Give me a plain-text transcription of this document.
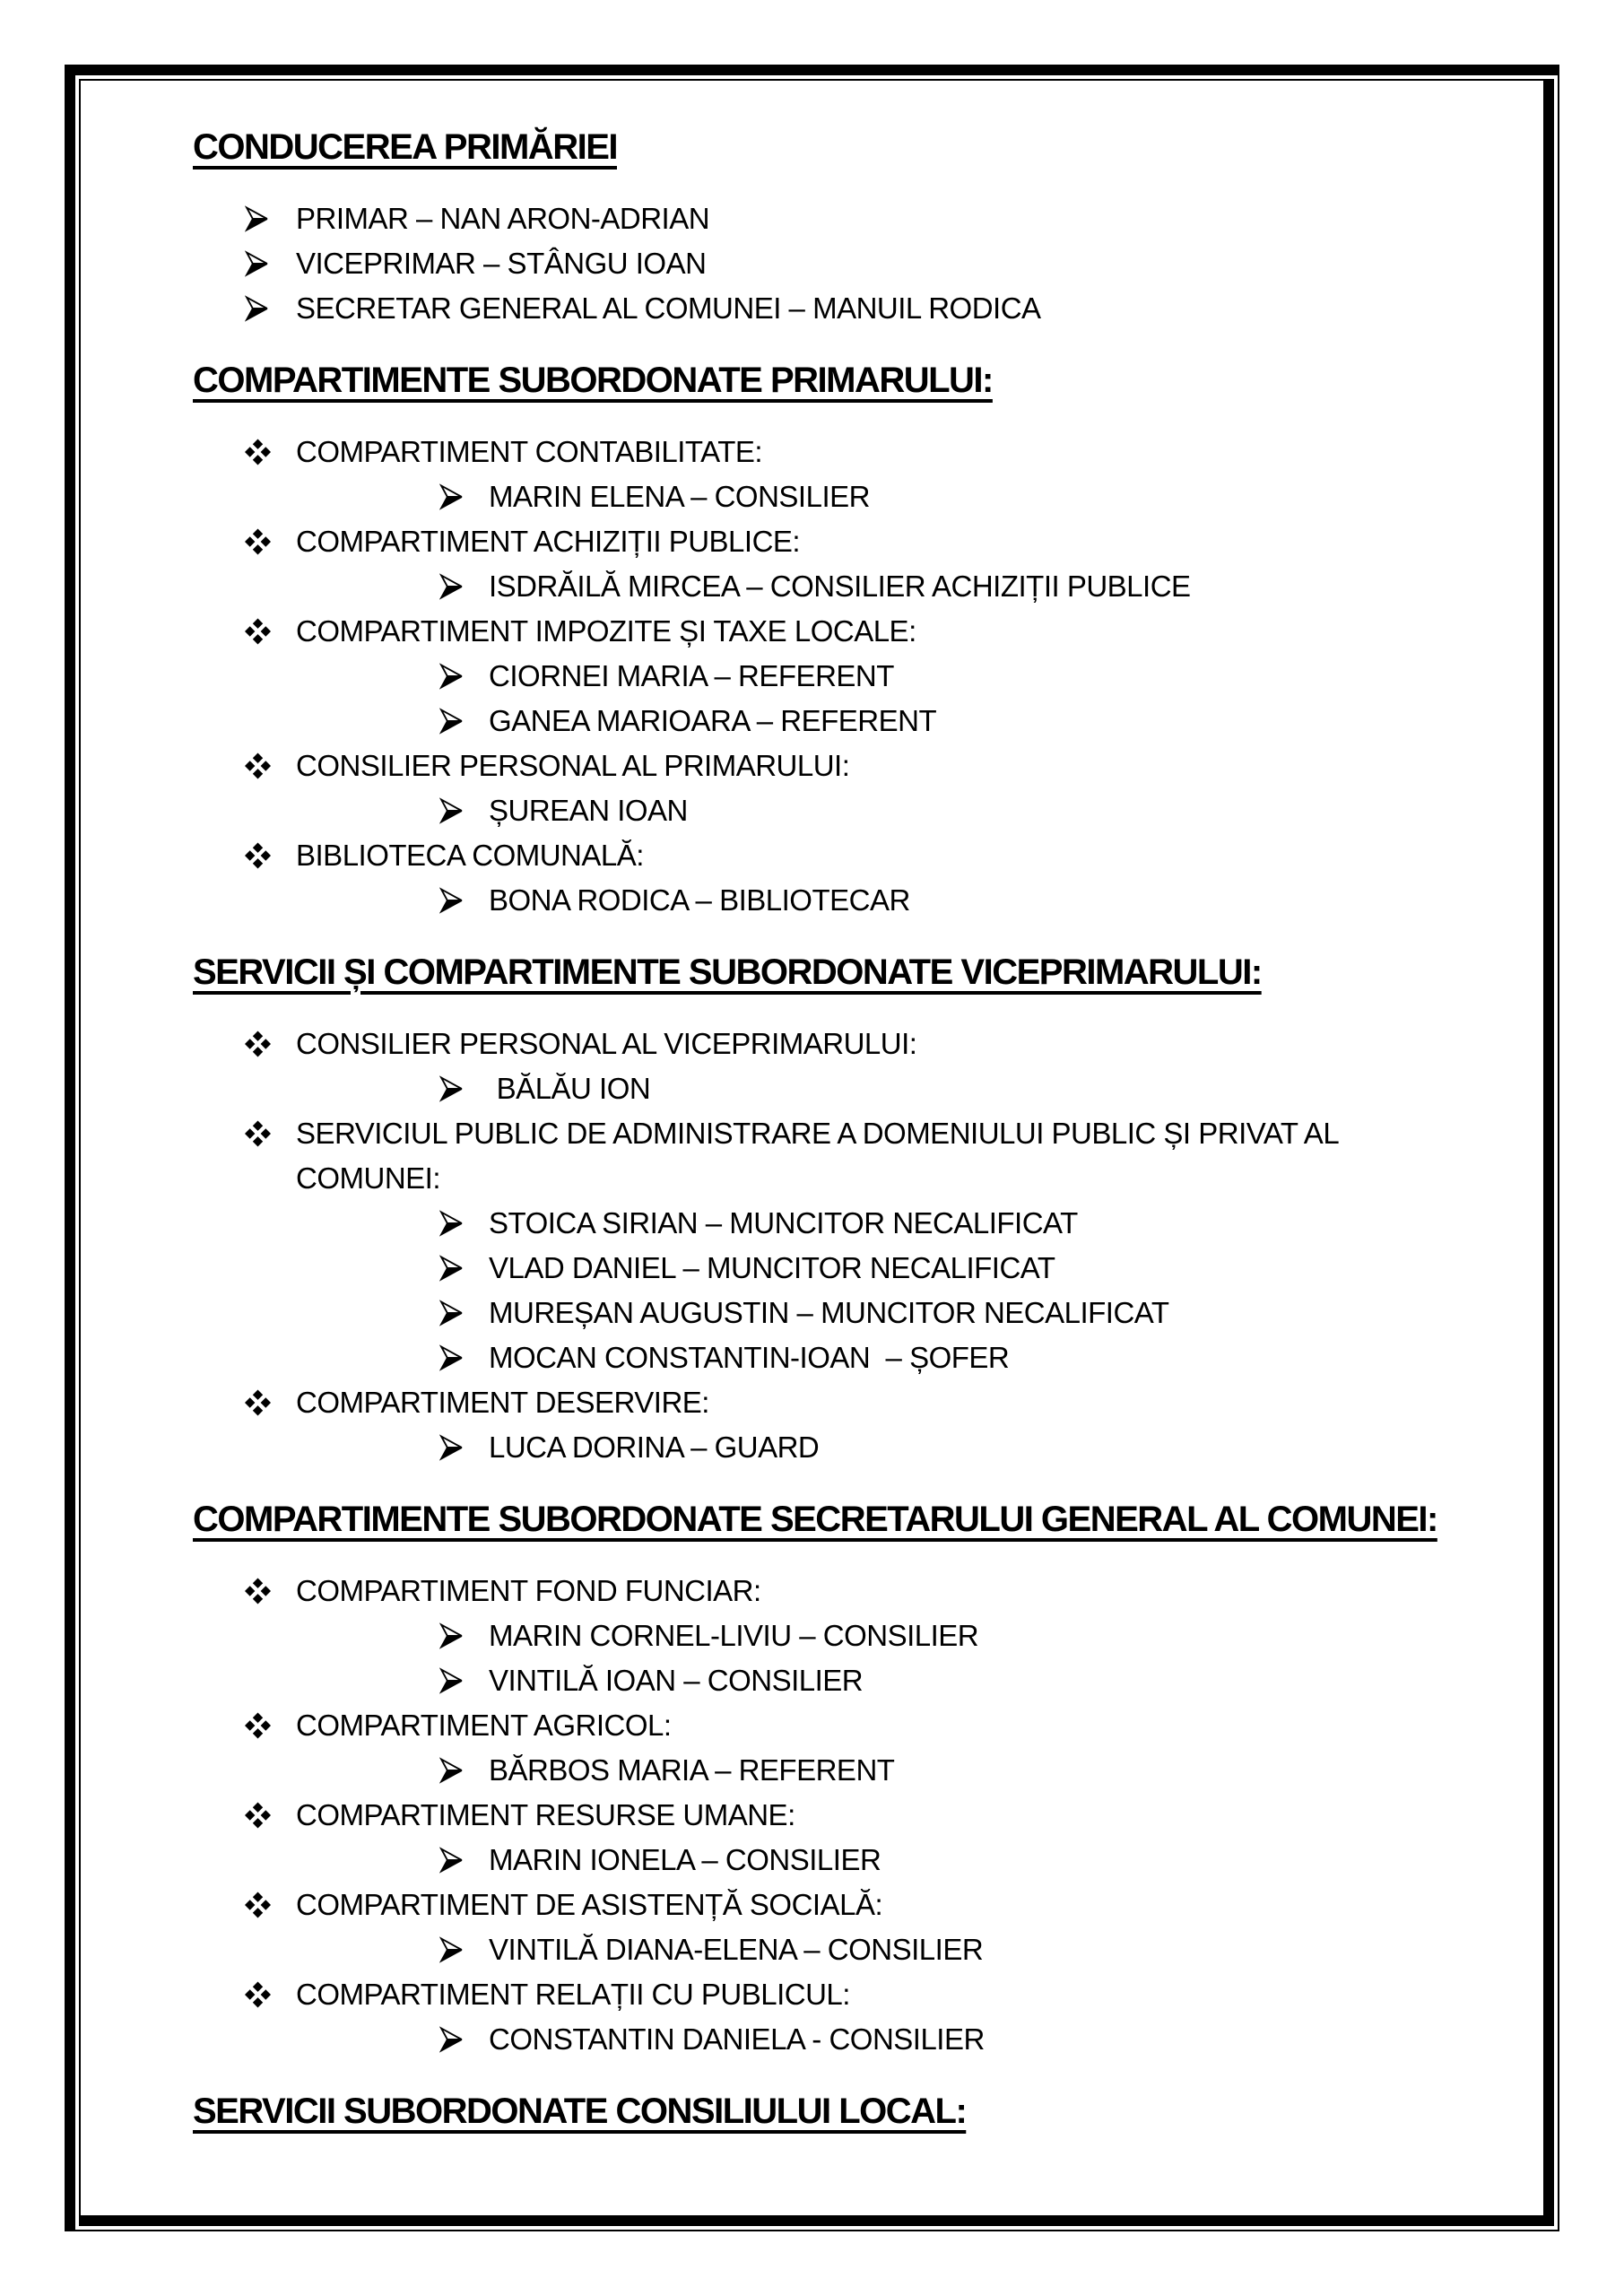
CONDUCEREA PRIMĂRIEI
PRIMAR – NAN ARON-ADRIAN
VICEPRIMAR – STÂNGU IOAN
SECRETAR GENERAL AL COMUNEI – MANUIL RODICA
COMPARTIMENTE SUBORDONATE PRIMARULUI:
COMPARTIMENT CONTABILITATE:
MARIN ELENA – CONSILIER
COMPARTIMENT ACHIZIȚII PUBLICE:
ISDRĂILĂ MIRCEA – CONSILIER ACHIZIȚII PUBLICE
COMPARTIMENT IMPOZITE ȘI TAXE LOCALE:
CIORNEI MARIA – REFERENT
GANEA MARIOARA – REFERENT
CONSILIER PERSONAL AL PRIMARULUI:
ȘUREAN IOAN
BIBLIOTECA COMUNALĂ:
BONA RODICA – BIBLIOTECAR
SERVICII ȘI COMPARTIMENTE SUBORDONATE VICEPRIMARULUI:
CONSILIER PERSONAL AL VICEPRIMARULUI:
BĂLĂU ION
SERVICIUL PUBLIC DE ADMINISTRARE A DOMENIULUI PUBLIC ȘI PRIVAT AL
COMUNEI:
STOICA SIRIAN – MUNCITOR NECALIFICAT
VLAD DANIEL – MUNCITOR NECALIFICAT
MUREȘAN AUGUSTIN – MUNCITOR NECALIFICAT
MOCAN CONSTANTIN-IOAN  – ȘOFER
COMPARTIMENT DESERVIRE:
LUCA DORINA – GUARD
COMPARTIMENTE SUBORDONATE SECRETARULUI GENERAL AL COMUNEI:
COMPARTIMENT FOND FUNCIAR:
MARIN CORNEL-LIVIU – CONSILIER
VINTILĂ IOAN – CONSILIER
COMPARTIMENT AGRICOL:
BĂRBOS MARIA – REFERENT
COMPARTIMENT RESURSE UMANE:
MARIN IONELA – CONSILIER
COMPARTIMENT DE ASISTENȚĂ SOCIALĂ:
VINTILĂ DIANA-ELENA – CONSILIER
COMPARTIMENT RELAȚII CU PUBLICUL:
CONSTANTIN DANIELA - CONSILIER
SERVICII SUBORDONATE CONSILIULUI LOCAL:
